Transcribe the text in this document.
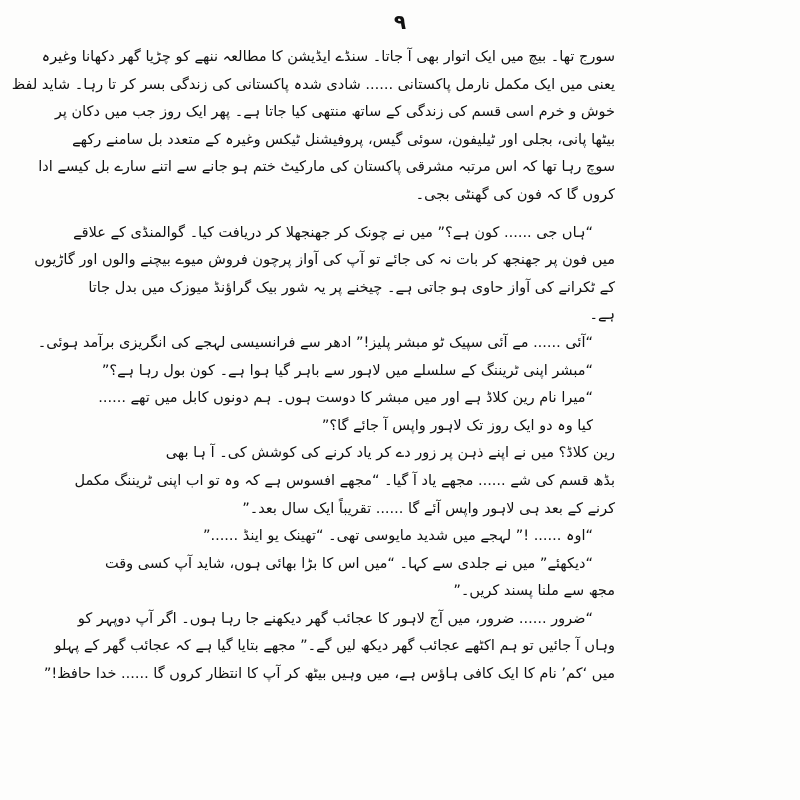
۹
سورج تھا۔ بیچ میں ایک اتوار بھی آ جاتا۔ سنڈے ایڈیشن کا مطالعہ ننھے کو چڑیا گھر دکھانا وغیرہ
یعنی میں ایک مکمل نارمل پاکستانی ...... شادی شدہ پاکستانی کی زندگی بسر کر تا رہا۔ شاید لفظ
خوش و خرم اسی قسم کی زندگی کے ساتھ منتھی کیا جاتا ہے۔ پھر ایک روز جب میں دکان پر
بیٹھا پانی، بجلی اور ٹیلیفون، سوئی گیس، پروفیشنل ٹیکس وغیرہ کے متعدد بل سامنے رکھے
سوچ رہا تھا کہ اس مرتبہ مشرقی پاکستان کی مارکیٹ ختم ہو جانے سے اتنے سارے بل کیسے ادا
کروں گا کہ فون کی گھنٹی بجی۔
“ہاں جی ...... کون ہے؟” میں نے چونک کر جھنجھلا کر دریافت کیا۔ گوالمنڈی کے علاقے
میں فون پر جھنجھ کر بات نہ کی جائے تو آپ کی آواز پرچون فروش میوے بیچنے والوں اور گاڑیوں
کے ٹکرانے کی آواز حاوی ہو جاتی ہے۔ چیخنے پر یہ شور بیک گراؤنڈ میوزک میں بدل جاتا
ہے۔
“آئی ...... مے آئی سپیک ٹو مبشر پلیز!” ادھر سے فرانسیسی لہجے کی انگریزی برآمد ہوئی۔
“مبشر اپنی ٹریننگ کے سلسلے میں لاہور سے باہر گیا ہوا ہے۔ کون بول رہا ہے؟”
“میرا نام رین کلاڈ ہے اور میں مبشر کا دوست ہوں۔ ہم دونوں کابل میں تھے ......
کیا وہ دو ایک روز تک لاہور واپس آ جائے گا؟”
رین کلاڈ؟ میں نے اپنے ذہن پر زور دے کر یاد کرنے کی کوشش کی۔ آ ہا بھی
بڈھ قسم کی شے ...... مجھے یاد آ گیا۔ “مجھے افسوس ہے کہ وہ تو اب اپنی ٹریننگ مکمل
کرنے کے بعد ہی لاہور واپس آئے گا ...... تقریباً ایک سال بعد۔”
“اوہ ...... !” لہجے میں شدید مایوسی تھی۔ “تھینک یو اینڈ ......”
“دیکھئے” میں نے جلدی سے کہا۔ “میں اس کا بڑا بھائی ہوں، شاید آپ کسی وقت
مجھ سے ملنا پسند کریں۔”
“ضرور ...... ضرور، میں آج لاہور کا عجائب گھر دیکھنے جا رہا ہوں۔ اگر آپ دوپہر کو
وہاں آ جائیں تو ہم اکٹھے عجائب گھر دیکھ لیں گے۔” مجھے بتایا گیا ہے کہ عجائب گھر کے پہلو
میں ‘کم’ نام کا ایک کافی ہاؤس ہے، میں وہیں بیٹھ کر آپ کا انتظار کروں گا ...... خدا حافظ!”
